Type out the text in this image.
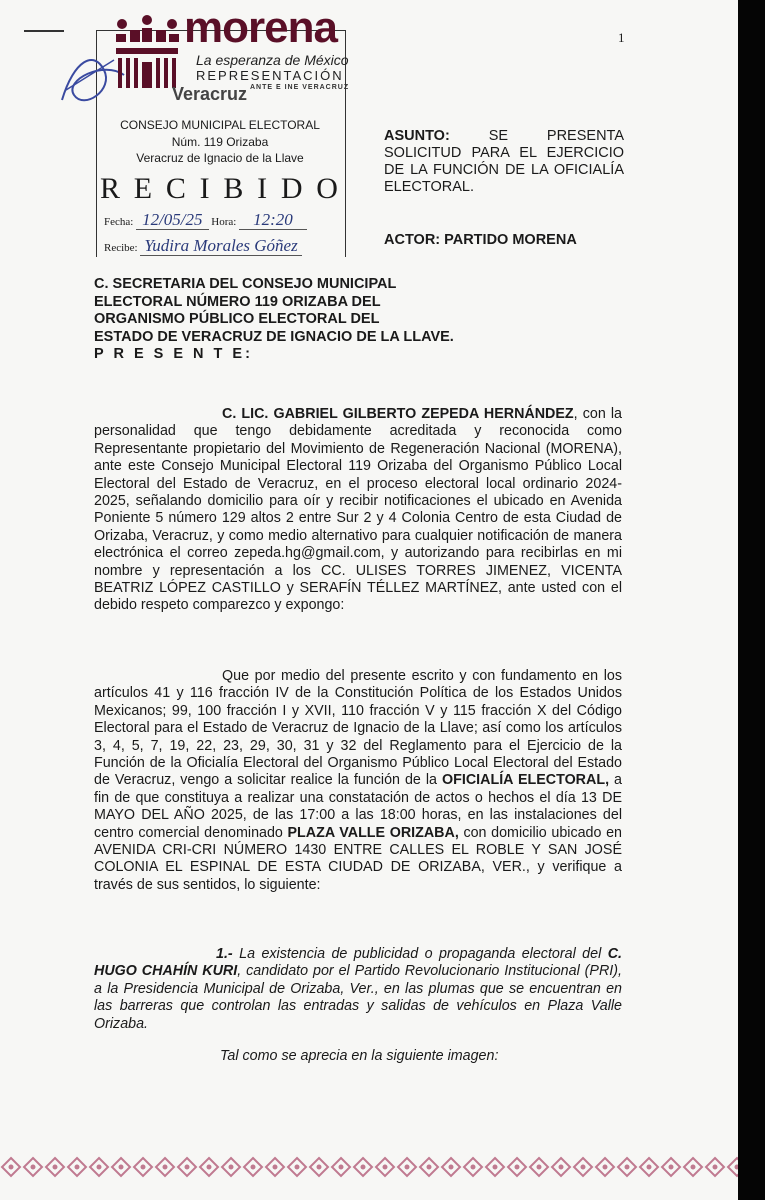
1
morena
La esperanza de México
REPRESENTACIÓN
ANTE E INE VERACRUZ
Veracruz
CONSEJO MUNICIPAL ELECTORAL
Núm. 119 Orizaba
Veracruz de Ignacio de la Llave
R E C I B I D O
Fecha: 12/05/25 Hora: 12:20
Recibe: Yudira Morales Góñez
ASUNTO:	SE PRESENTA SOLICITUD PARA EL EJERCICIO DE LA FUNCIÓN DE LA OFICIALÍA ELECTORAL.
ACTOR: PARTIDO MORENA
C. SECRETARIA DEL CONSEJO MUNICIPAL
ELECTORAL NÚMERO 119 ORIZABA DEL
ORGANISMO PÚBLICO ELECTORAL DEL
ESTADO DE VERACRUZ DE IGNACIO DE LA LLAVE.
P R E S E N T E:
C. LIC. GABRIEL GILBERTO ZEPEDA HERNÁNDEZ, con la personalidad que tengo debidamente acreditada y reconocida como Representante propietario del Movimiento de Regeneración Nacional (MORENA), ante este Consejo Municipal Electoral 119 Orizaba del Organismo Público Local Electoral del Estado de Veracruz, en el proceso electoral local ordinario 2024-2025, señalando domicilio para oír y recibir notificaciones el ubicado en Avenida Poniente 5 número 129 altos 2 entre Sur 2 y 4 Colonia Centro de esta Ciudad de Orizaba, Veracruz, y como medio alternativo para cualquier notificación de manera electrónica el correo zepeda.hg@gmail.com, y autorizando para recibirlas en mi nombre y representación a los CC. ULISES TORRES JIMENEZ, VICENTA BEATRIZ LÓPEZ CASTILLO y SERAFÍN TÉLLEZ MARTÍNEZ, ante usted con el debido respeto comparezco y expongo:
Que por medio del presente escrito y con fundamento en los artículos 41 y 116 fracción IV de la Constitución Política de los Estados Unidos Mexicanos; 99, 100 fracción I y XVII, 110 fracción V y 115 fracción X del Código Electoral para el Estado de Veracruz de Ignacio de la Llave; así como los artículos 3, 4, 5, 7, 19, 22, 23, 29, 30, 31 y 32 del Reglamento para el Ejercicio de la Función de la Oficialía Electoral del Organismo Público Local Electoral del Estado de Veracruz, vengo a solicitar realice la función de la OFICIALÍA ELECTORAL, a fin de que constituya a realizar una constatación de actos o hechos el día 13 DE MAYO DEL AÑO 2025, de las 17:00 a las 18:00 horas, en las instalaciones del centro comercial denominado PLAZA VALLE ORIZABA, con domicilio ubicado en AVENIDA CRI-CRI NÚMERO 1430 ENTRE CALLES EL ROBLE Y SAN JOSÉ COLONIA EL ESPINAL DE ESTA CIUDAD DE ORIZABA, VER., y verifique a través de sus sentidos, lo siguiente:
1.- La existencia de publicidad o propaganda electoral del C. HUGO CHAHÍN KURI, candidato por el Partido Revolucionario Institucional (PRI), a la Presidencia Municipal de Orizaba, Ver., en las plumas que se encuentran en las barreras que controlan las entradas y salidas de vehículos en Plaza Valle Orizaba.
Tal como se aprecia en la siguiente imagen:
